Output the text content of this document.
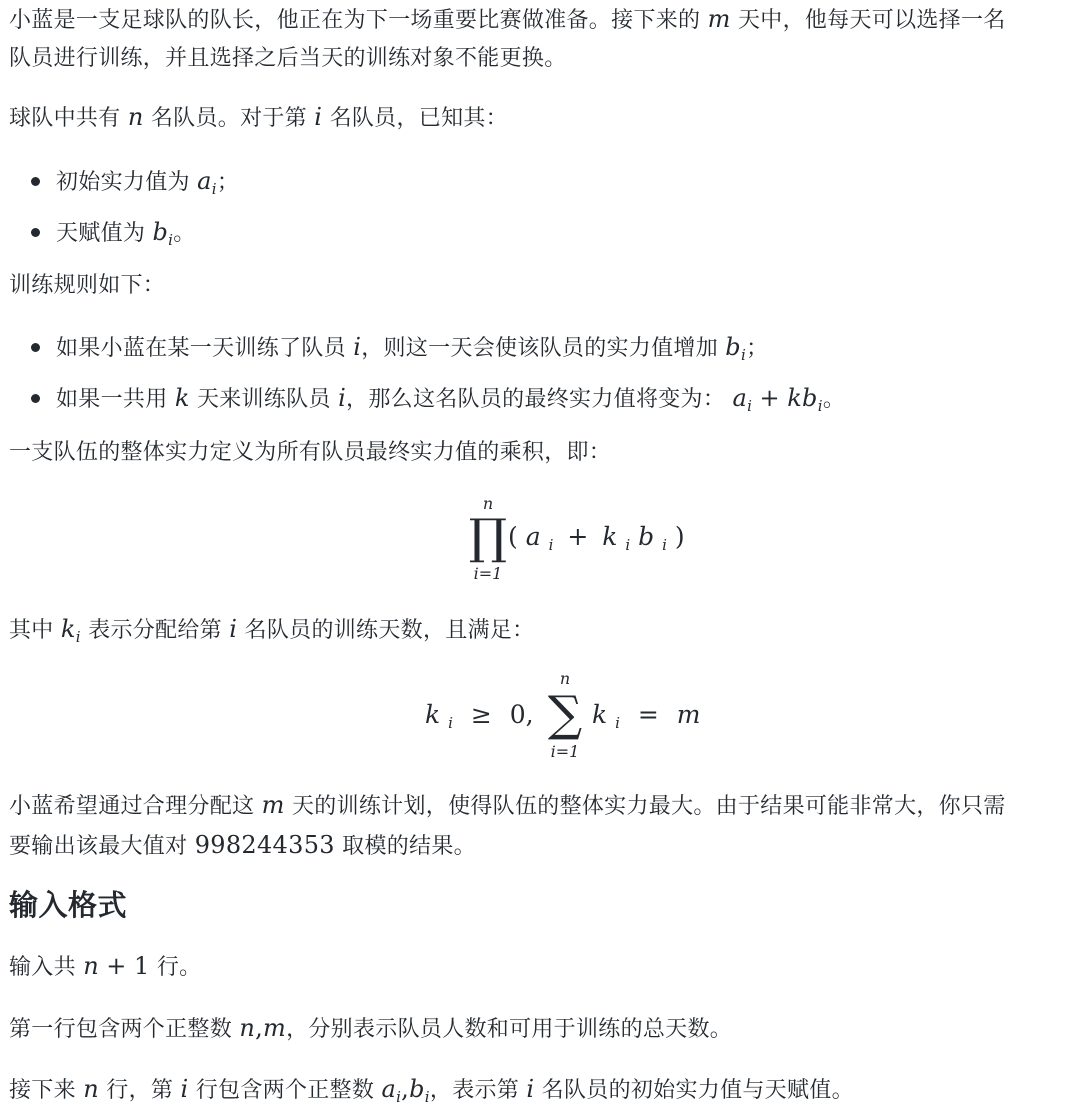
小蓝是一支足球队的队长，他正在为下一场重要比赛做准备。接下来的 m 天中，他每天可以选择一名
队员进行训练，并且选择之后当天的训练对象不能更换。

球队中共有 n 名队员。对于第 i 名队员，已知其：

初始实力值为 $a_i$；
天赋值为 $b_i$。

训练规则如下：

如果小蓝在某一天训练了队员 i，则这一天会使该队员的实力值增加 $b_i$；
如果一共用 k 天来训练队员 i，那么这名队员的最终实力值将变为： $a_i + kb_i$。

一支队伍的整体实力定义为所有队员最终实力值的乘积，即：

n
∏
i=1
( a $_i$ + k $_i$ b $_i$ )

其中 $k_i$ 表示分配给第 i 名队员的训练天数，且满足：

k $_i$ ≥ 0,
n
∑
i=1
k $_i$ = m

小蓝希望通过合理分配这 m 天的训练计划，使得队伍的整体实力最大。由于结果可能非常大，你只需
要输出该最大值对 998244353 取模的结果。

输入格式

输入共 n + 1 行。

第一行包含两个正整数 n,m，分别表示队员人数和可用于训练的总天数。

接下来 n 行，第 i 行包含两个正整数 $a_i,b_i$，表示第 i 名队员的初始实力值与天赋值。
